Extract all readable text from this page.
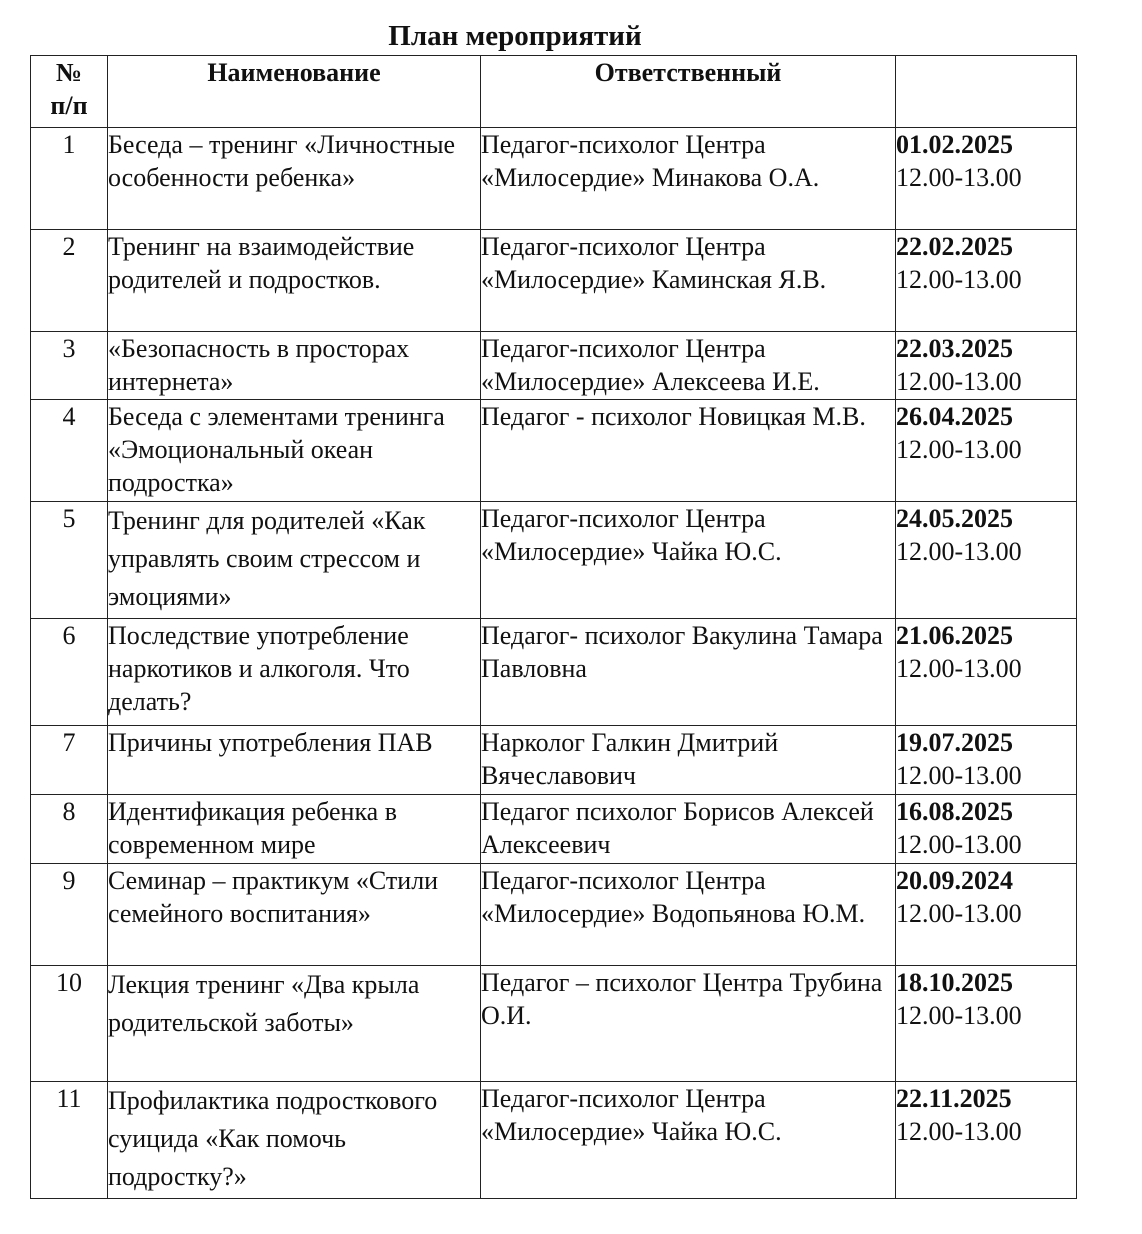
План мероприятий
№
п/п	Наименование	Ответственный	
1	Беседа – тренинг «Личностные особенности ребенка»	Педагог-психолог Центра «Милосердие» Минакова О.А.	01.02.2025
12.00-13.00

2	Тренинг на взаимодействие родителей и подростков.	Педагог-психолог Центра «Милосердие» Каминская Я.В.	22.02.2025
12.00-13.00

3	«Безопасность в просторах интернета»	Педагог-психолог Центра «Милосердие» Алексеева И.Е.	22.03.2025
12.00-13.00

4	Беседа с элементами тренинга «Эмоциональный океан подростка»	Педагог - психолог Новицкая М.В.	26.04.2025
12.00-13.00

5	Тренинг для родителей «Как управлять своим стрессом и эмоциями»	Педагог-психолог Центра «Милосердие» Чайка Ю.С.	24.05.2025
12.00-13.00

6	Последствие употребление наркотиков и алкоголя. Что делать?	Педагог- психолог Вакулина Тамара Павловна	21.06.2025
12.00-13.00

7	Причины употребления ПАВ	Нарколог Галкин Дмитрий Вячеславович	19.07.2025
12.00-13.00

8	Идентификация ребенка в современном мире	Педагог психолог Борисов Алексей Алексеевич	16.08.2025
12.00-13.00

9	Семинар – практикум «Стили семейного воспитания»	Педагог-психолог Центра «Милосердие» Водопьянова Ю.М.	20.09.2024
12.00-13.00

10	Лекция тренинг «Два крыла родительской заботы»	Педагог – психолог Центра Трубина О.И.	18.10.2025
12.00-13.00

11	Профилактика подросткового суицида «Как помочь подростку?»	Педагог-психолог Центра «Милосердие» Чайка Ю.С.	22.11.2025
12.00-13.00
